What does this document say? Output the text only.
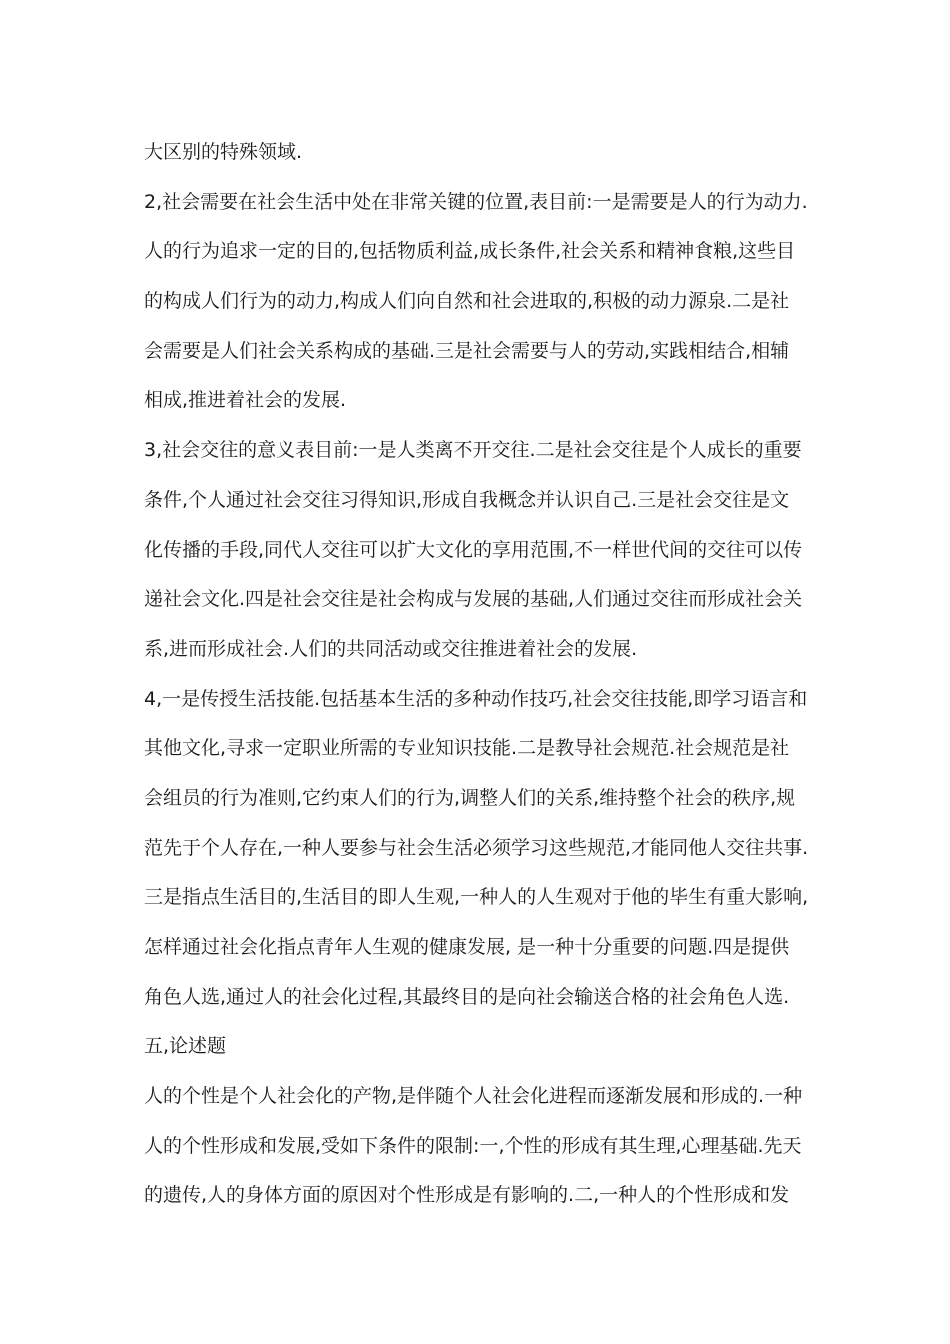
大区别的特殊领域.
2,社会需要在社会生活中处在非常关键的位置,表目前:一是需要是人的行为动力.
人的行为追求一定的目的,包括物质利益,成长条件,社会关系和精神食粮,这些目
的构成人们行为的动力,构成人们向自然和社会进取的,积极的动力源泉.二是社
会需要是人们社会关系构成的基础.三是社会需要与人的劳动,实践相结合,相辅
相成,推进着社会的发展.
3,社会交往的意义表目前:一是人类离不开交往.二是社会交往是个人成长的重要
条件,个人通过社会交往习得知识,形成自我概念并认识自己.三是社会交往是文
化传播的手段,同代人交往可以扩大文化的享用范围,不一样世代间的交往可以传
递社会文化.四是社会交往是社会构成与发展的基础,人们通过交往而形成社会关
系,进而形成社会.人们的共同活动或交往推进着社会的发展.
4,一是传授生活技能.包括基本生活的多种动作技巧,社会交往技能,即学习语言和
其他文化,寻求一定职业所需的专业知识技能.二是教导社会规范.社会规范是社
会组员的行为准则,它约束人们的行为,调整人们的关系,维持整个社会的秩序,规
范先于个人存在,一种人要参与社会生活必须学习这些规范,才能同他人交往共事.
三是指点生活目的,生活目的即人生观,一种人的人生观对于他的毕生有重大影响,
怎样通过社会化指点青年人生观的健康发展, 是一种十分重要的问题.四是提供
角色人选,通过人的社会化过程,其最终目的是向社会输送合格的社会角色人选.
五,论述题
人的个性是个人社会化的产物,是伴随个人社会化进程而逐渐发展和形成的.一种
人的个性形成和发展,受如下条件的限制:一,个性的形成有其生理,心理基础.先天
的遗传,人的身体方面的原因对个性形成是有影响的.二,一种人的个性形成和发
